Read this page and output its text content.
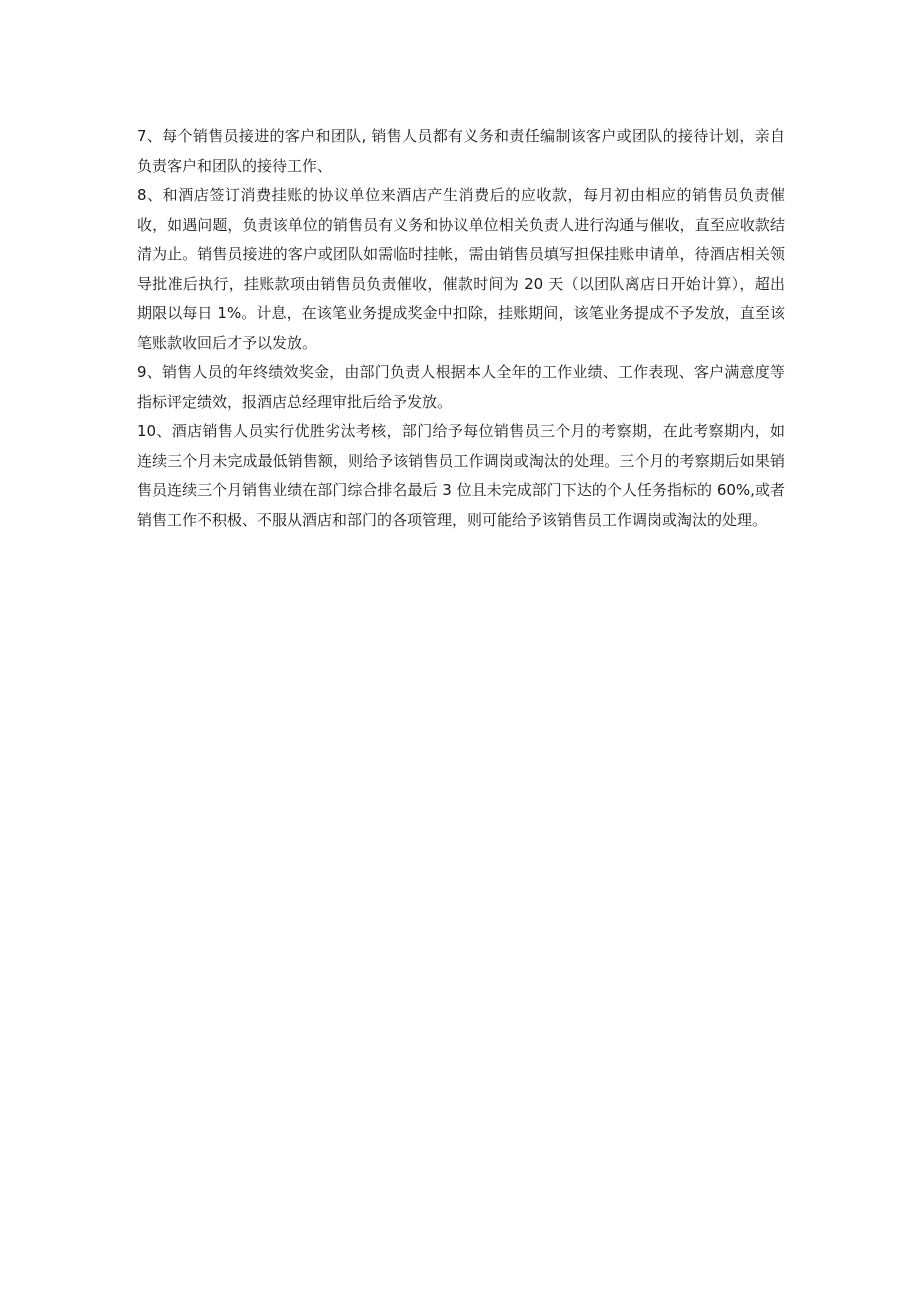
7、每个销售员接进的客户和团队, 销售人员都有义务和责任编制该客户或团队的接待计划，亲自负责客户和团队的接待工作、

8、和酒店签订消费挂账的协议单位来酒店产生消费后的应收款，每月初由相应的销售员负责催收，如遇问题，负责该单位的销售员有义务和协议单位相关负责人进行沟通与催收，直至应收款结清为止。销售员接进的客户或团队如需临时挂帐，需由销售员填写担保挂账申请单，待酒店相关领导批准后执行，挂账款项由销售员负责催收，催款时间为 20 天（以团队离店日开始计算），超出期限以每日 1%。计息，在该笔业务提成奖金中扣除，挂账期间，该笔业务提成不予发放，直至该笔账款收回后才予以发放。

9、销售人员的年终绩效奖金，由部门负责人根据本人全年的工作业绩、工作表现、客户满意度等指标评定绩效，报酒店总经理审批后给予发放。

10、酒店销售人员实行优胜劣汰考核，部门给予每位销售员三个月的考察期，在此考察期内，如连续三个月未完成最低销售额，则给予该销售员工作调岗或淘汰的处理。三个月的考察期后如果销售员连续三个月销售业绩在部门综合排名最后 3 位且未完成部门下达的个人任务指标的 60%,或者销售工作不积极、不服从酒店和部门的各项管理，则可能给予该销售员工作调岗或淘汰的处理。
